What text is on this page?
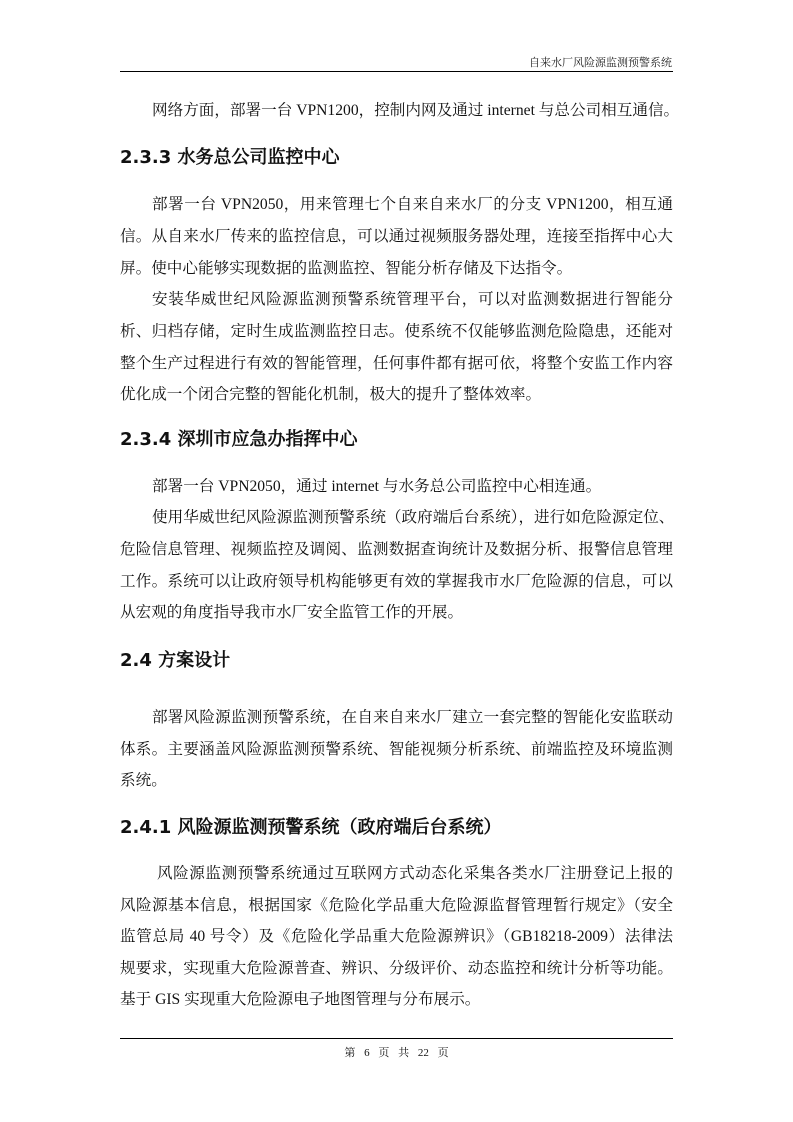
自来水厂风险源监测预警系统
网络方面，部署一台 VPN1200，控制内网及通过 internet 与总公司相互通信。
2.3.3 水务总公司监控中心
部署一台 VPN2050，用来管理七个自来自来水厂的分支 VPN1200，相互通
信。从自来水厂传来的监控信息，可以通过视频服务器处理，连接至指挥中心大
屏。使中心能够实现数据的监测监控、智能分析存储及下达指令。
安装华威世纪风险源监测预警系统管理平台，可以对监测数据进行智能分
析、归档存储，定时生成监测监控日志。使系统不仅能够监测危险隐患，还能对
整个生产过程进行有效的智能管理，任何事件都有据可依，将整个安监工作内容
优化成一个闭合完整的智能化机制，极大的提升了整体效率。
2.3.4 深圳市应急办指挥中心
部署一台 VPN2050，通过 internet 与水务总公司监控中心相连通。
使用华威世纪风险源监测预警系统（政府端后台系统），进行如危险源定位、
危险信息管理、视频监控及调阅、监测数据查询统计及数据分析、报警信息管理
工作。系统可以让政府领导机构能够更有效的掌握我市水厂危险源的信息，可以
从宏观的角度指导我市水厂安全监管工作的开展。
2.4 方案设计
部署风险源监测预警系统，在自来自来水厂建立一套完整的智能化安监联动
体系。主要涵盖风险源监测预警系统、智能视频分析系统、前端监控及环境监测
系统。
2.4.1 风险源监测预警系统（政府端后台系统）
风险源监测预警系统通过互联网方式动态化采集各类水厂注册登记上报的
风险源基本信息，根据国家《危险化学品重大危险源监督管理暂行规定》（安全
监管总局 40 号令）及《危险化学品重大危险源辨识》（GB18218-2009）法律法
规要求，实现重大危险源普查、辨识、分级评价、动态监控和统计分析等功能。
基于 GIS 实现重大危险源电子地图管理与分布展示。
第 6 页 共 22 页
